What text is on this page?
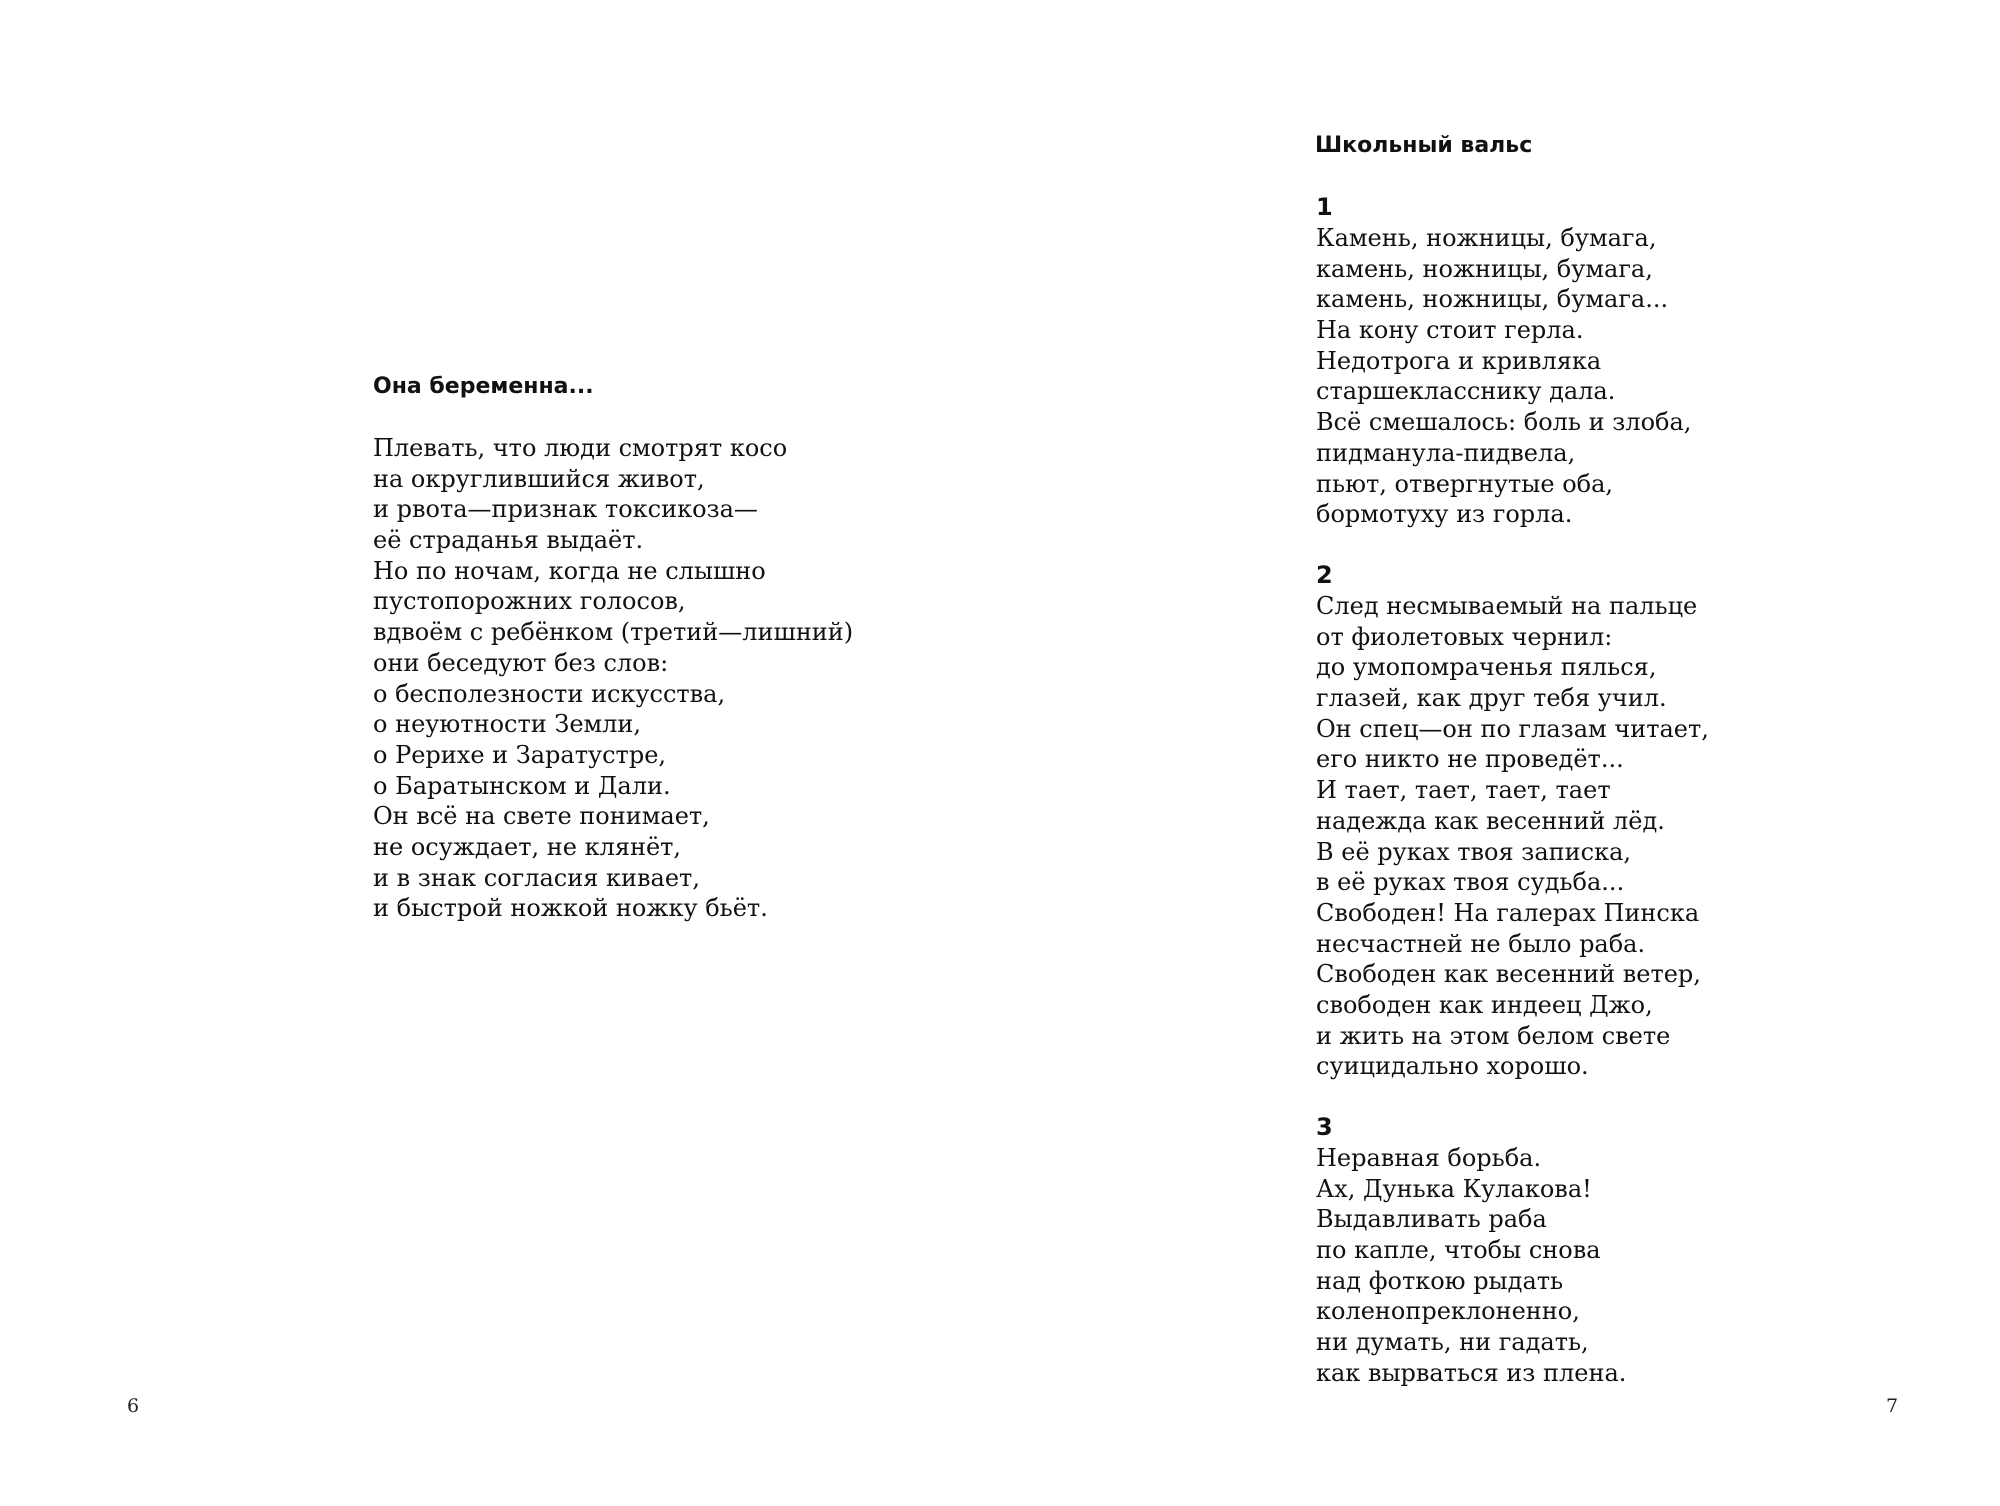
Она беременна...
Плевать, что люди смотрят косо
на округлившийся живот,
и рвота—признак токсикоза—
её страданья выдаёт.
Но по ночам, когда не слышно
пустопорожних голосов,
вдвоём с ребёнком (третий—лишний)
они беседуют без слов:
о бесполезности искусства,
о неуютности Земли,
о Рерихе и Заратустре,
о Баратынском и Дали.
Он всё на свете понимает,
не осуждает, не клянёт,
и в знак согласия кивает,
и быстрой ножкой ножку бьёт.
6
Школьный вальс
1
Камень, ножницы, бумага,
камень, ножницы, бумага,
камень, ножницы, бумага...
На кону стоит герла.
Недотрога и кривляка
старшекласснику дала.
Всё смешалось: боль и злоба,
пидманула-пидвела,
пьют, отвергнутые оба,
бормотуху из горла.
2
След несмываемый на пальце
от фиолетовых чернил:
до умопомраченья пялься,
глазей, как друг тебя учил.
Он спец—он по глазам читает,
его никто не проведёт...
И тает, тает, тает, тает
надежда как весенний лёд.
В её руках твоя записка,
в её руках твоя судьба...
Свободен! На галерах Пинска
несчастней не было раба.
Свободен как весенний ветер,
свободен как индеец Джо,
и жить на этом белом свете
суицидально хорошо.
3
Неравная борьба.
Ах, Дунька Кулакова!
Выдавливать раба
по капле, чтобы снова
над фоткою рыдать
коленопреклоненно,
ни думать, ни гадать,
как вырваться из плена.
7
